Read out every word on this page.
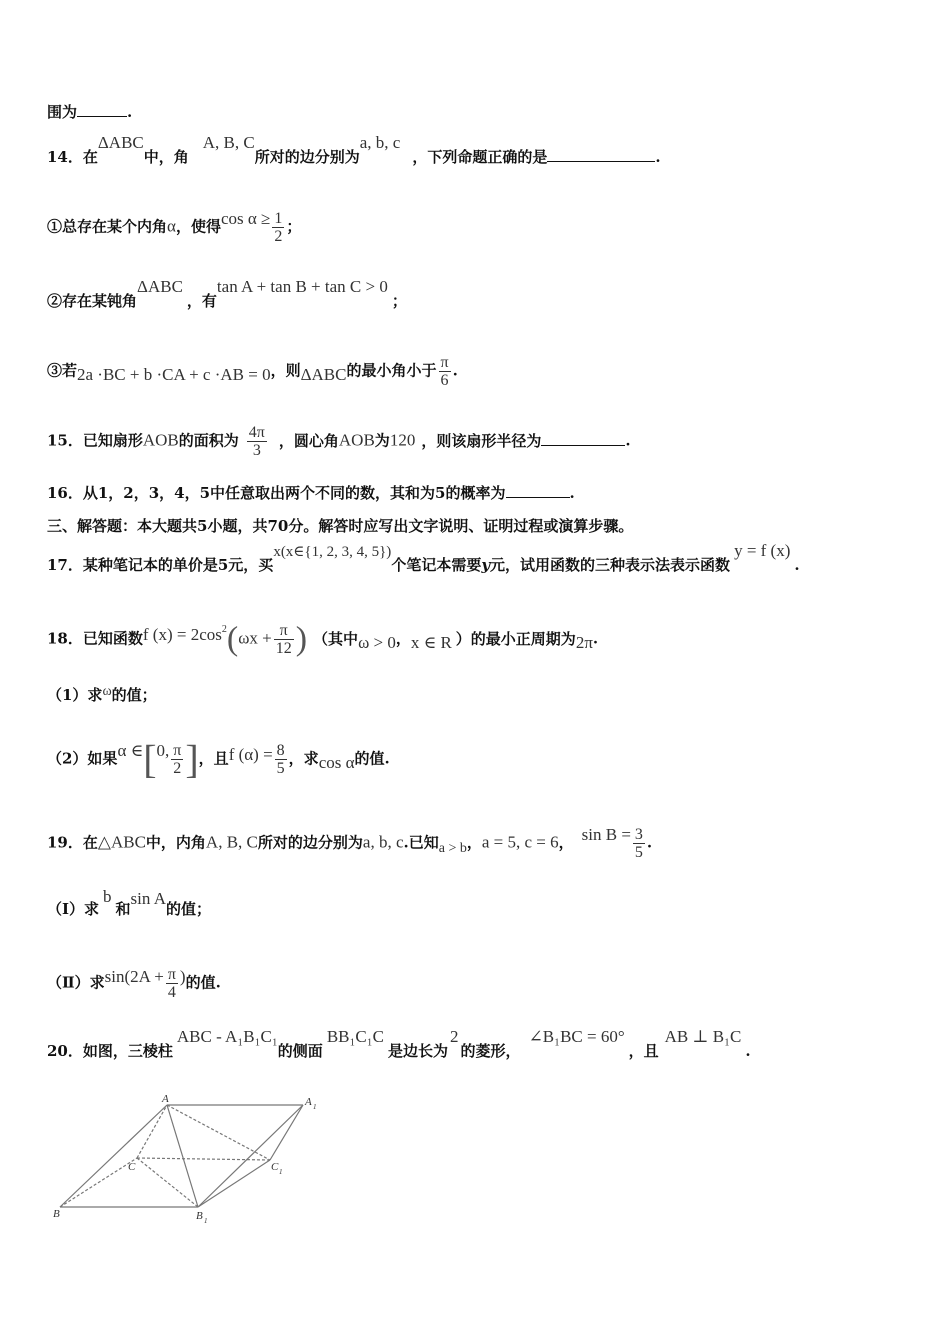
围为	.
14．在ΔABC中，角A, B, C所对的边分别为a, b, c，下列命题正确的是	.
①总存在某个内角α，使得$\cos \alpha \ge \frac{1}{2}$ ；
②存在某钝角ΔABC，有tan A + tan B + tan C > 0；
③若2a ·BC + b ·CA + c ·AB = 0，则ΔABC的最小角小于 $\frac{\pi}{6}$ .
15．已知扇形AOB的面积为 $\frac{4\pi}{3}$ ，圆心角AOB为120 ，则该扇形半径为	.
16．从1，2，3，4，5中任意取出两个不同的数，其和为5的概率为	.
三、解答题：本大题共5小题，共70分。解答时应写出文字说明、证明过程或演算步骤。
17．某种笔记本的单价是5元，买x(x∈{1, 2, 3, 4, 5})个笔记本需要y元，试用函数的三种表示法表示函数y = f (x).
18．已知函数f $(x) = 2\cos^2(\omega x + \frac{\pi}{12}$ ) （其中ω > 0，x ∈ R ）的最小正周期为2π.
（1）求ω的值；
（2）如果α ∈[0, $\frac{\pi}{2}$ ]，且f $(\alpha) = \frac{8}{5}$ ，求cos α的值.
19．在△ABC中，内角A, B, C所对的边分别为a, b, c.已知a > b，a = 5, c = 6， $\sin B = \frac{3}{5}$ .
（Ⅰ）求b和sin A的值；
（Ⅱ）求$\sin(2A + \frac{\pi}{4}$ )的值.
20．如图，三棱柱ABC - A₁B₁C₁的侧面BB₁C₁C是边长为2的菱形，∠B₁BC = 60°，且AB ⊥ B₁C.
A	A 1
C	C 1
B	B 1
